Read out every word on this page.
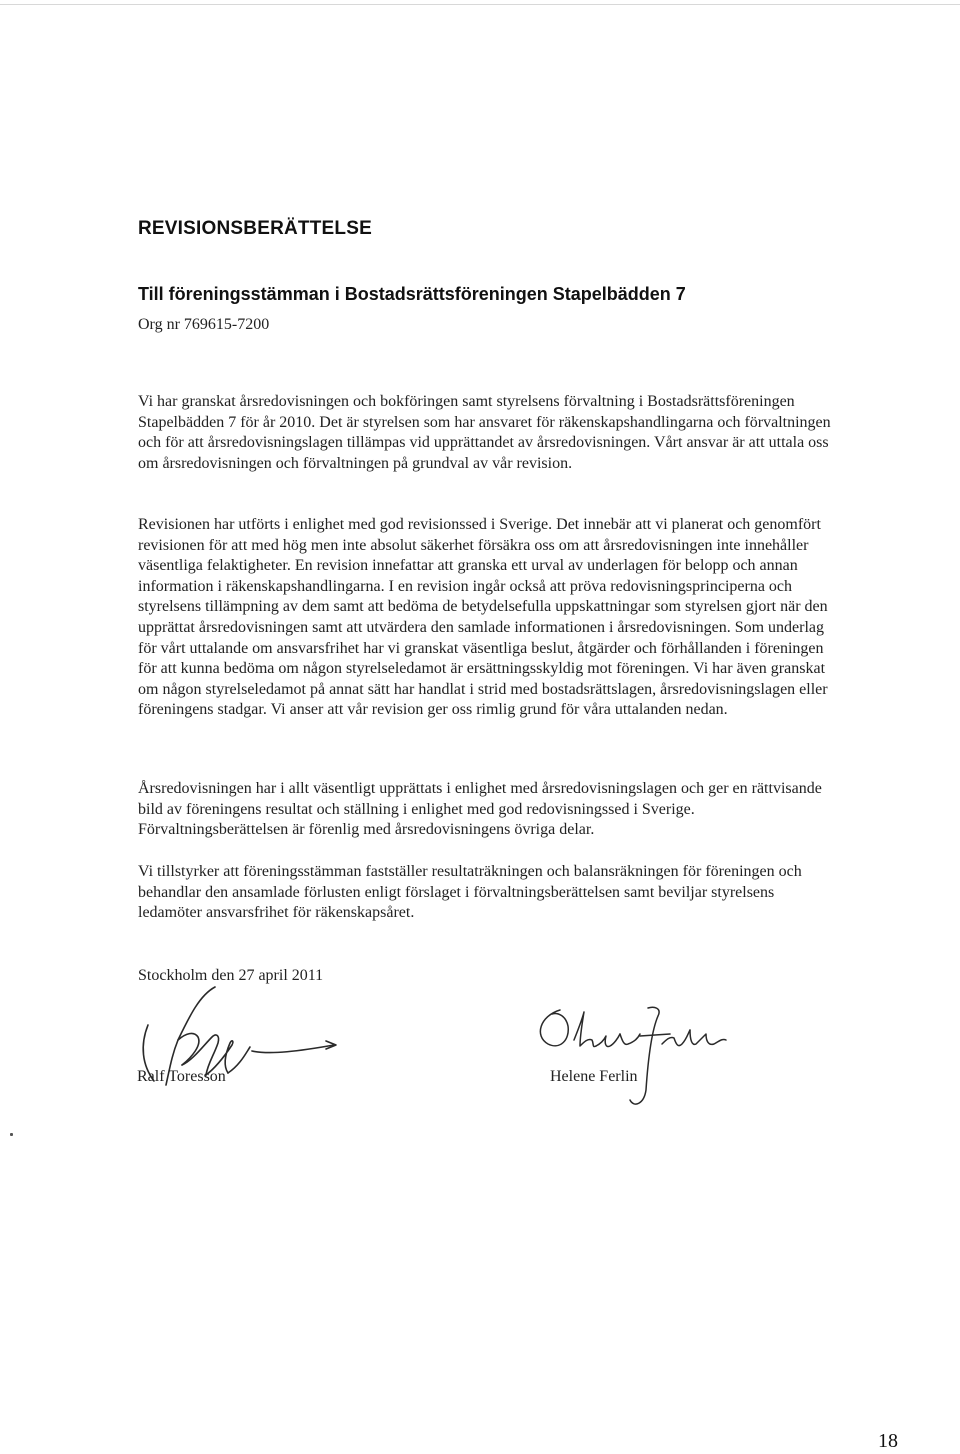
REVISIONSBERÄTTELSE
Till föreningsstämman i Bostadsrättsföreningen Stapelbädden 7
Org nr 769615-7200

Vi har granskat årsredovisningen och bokföringen samt styrelsens förvaltning i Bostadsrättsföreningen Stapelbädden 7 för år 2010. Det är styrelsen som har ansvaret för räkenskapshandlingarna och förvaltningen och för att årsredovisningslagen tillämpas vid upprättandet av årsredovisningen. Vårt ansvar är att uttala oss om årsredovisningen och förvaltningen på grundval av vår revision.

Revisionen har utförts i enlighet med god revisionssed i Sverige. Det innebär att vi planerat och genomfört revisionen för att med hög men inte absolut säkerhet försäkra oss om att årsredovisningen inte innehåller väsentliga felaktigheter. En revision innefattar att granska ett urval av underlagen för belopp och annan information i räkenskapshandlingarna. I en revision ingår också att pröva redovisningsprinciperna och styrelsens tillämpning av dem samt att bedöma de betydelsefulla uppskattningar som styrelsen gjort när den upprättat årsredovisningen samt att utvärdera den samlade informationen i årsredovisningen. Som underlag för vårt uttalande om ansvarsfrihet har vi granskat väsentliga beslut, åtgärder och förhållanden i föreningen för att kunna bedöma om någon styrelseledamot är ersättningsskyldig mot föreningen. Vi har även granskat om någon styrelseledamot på annat sätt har handlat i strid med bostadsrättslagen, årsredovisningslagen eller föreningens stadgar. Vi anser att vår revision ger oss rimlig grund för våra uttalanden nedan.

Årsredovisningen har i allt väsentligt upprättats i enlighet med årsredovisningslagen och ger en rättvisande bild av föreningens resultat och ställning i enlighet med god redovisningssed i Sverige. Förvaltningsberättelsen är förenlig med årsredovisningens övriga delar.

Vi tillstyrker att föreningsstämman fastställer resultaträkningen och balansräkningen för föreningen och behandlar den ansamlade förlusten enligt förslaget i förvaltningsberättelsen samt beviljar styrelsens ledamöter ansvarsfrihet för räkenskapsåret.

Stockholm den 27 april 2011
Ralf Toresson	Helene Ferlin
18
